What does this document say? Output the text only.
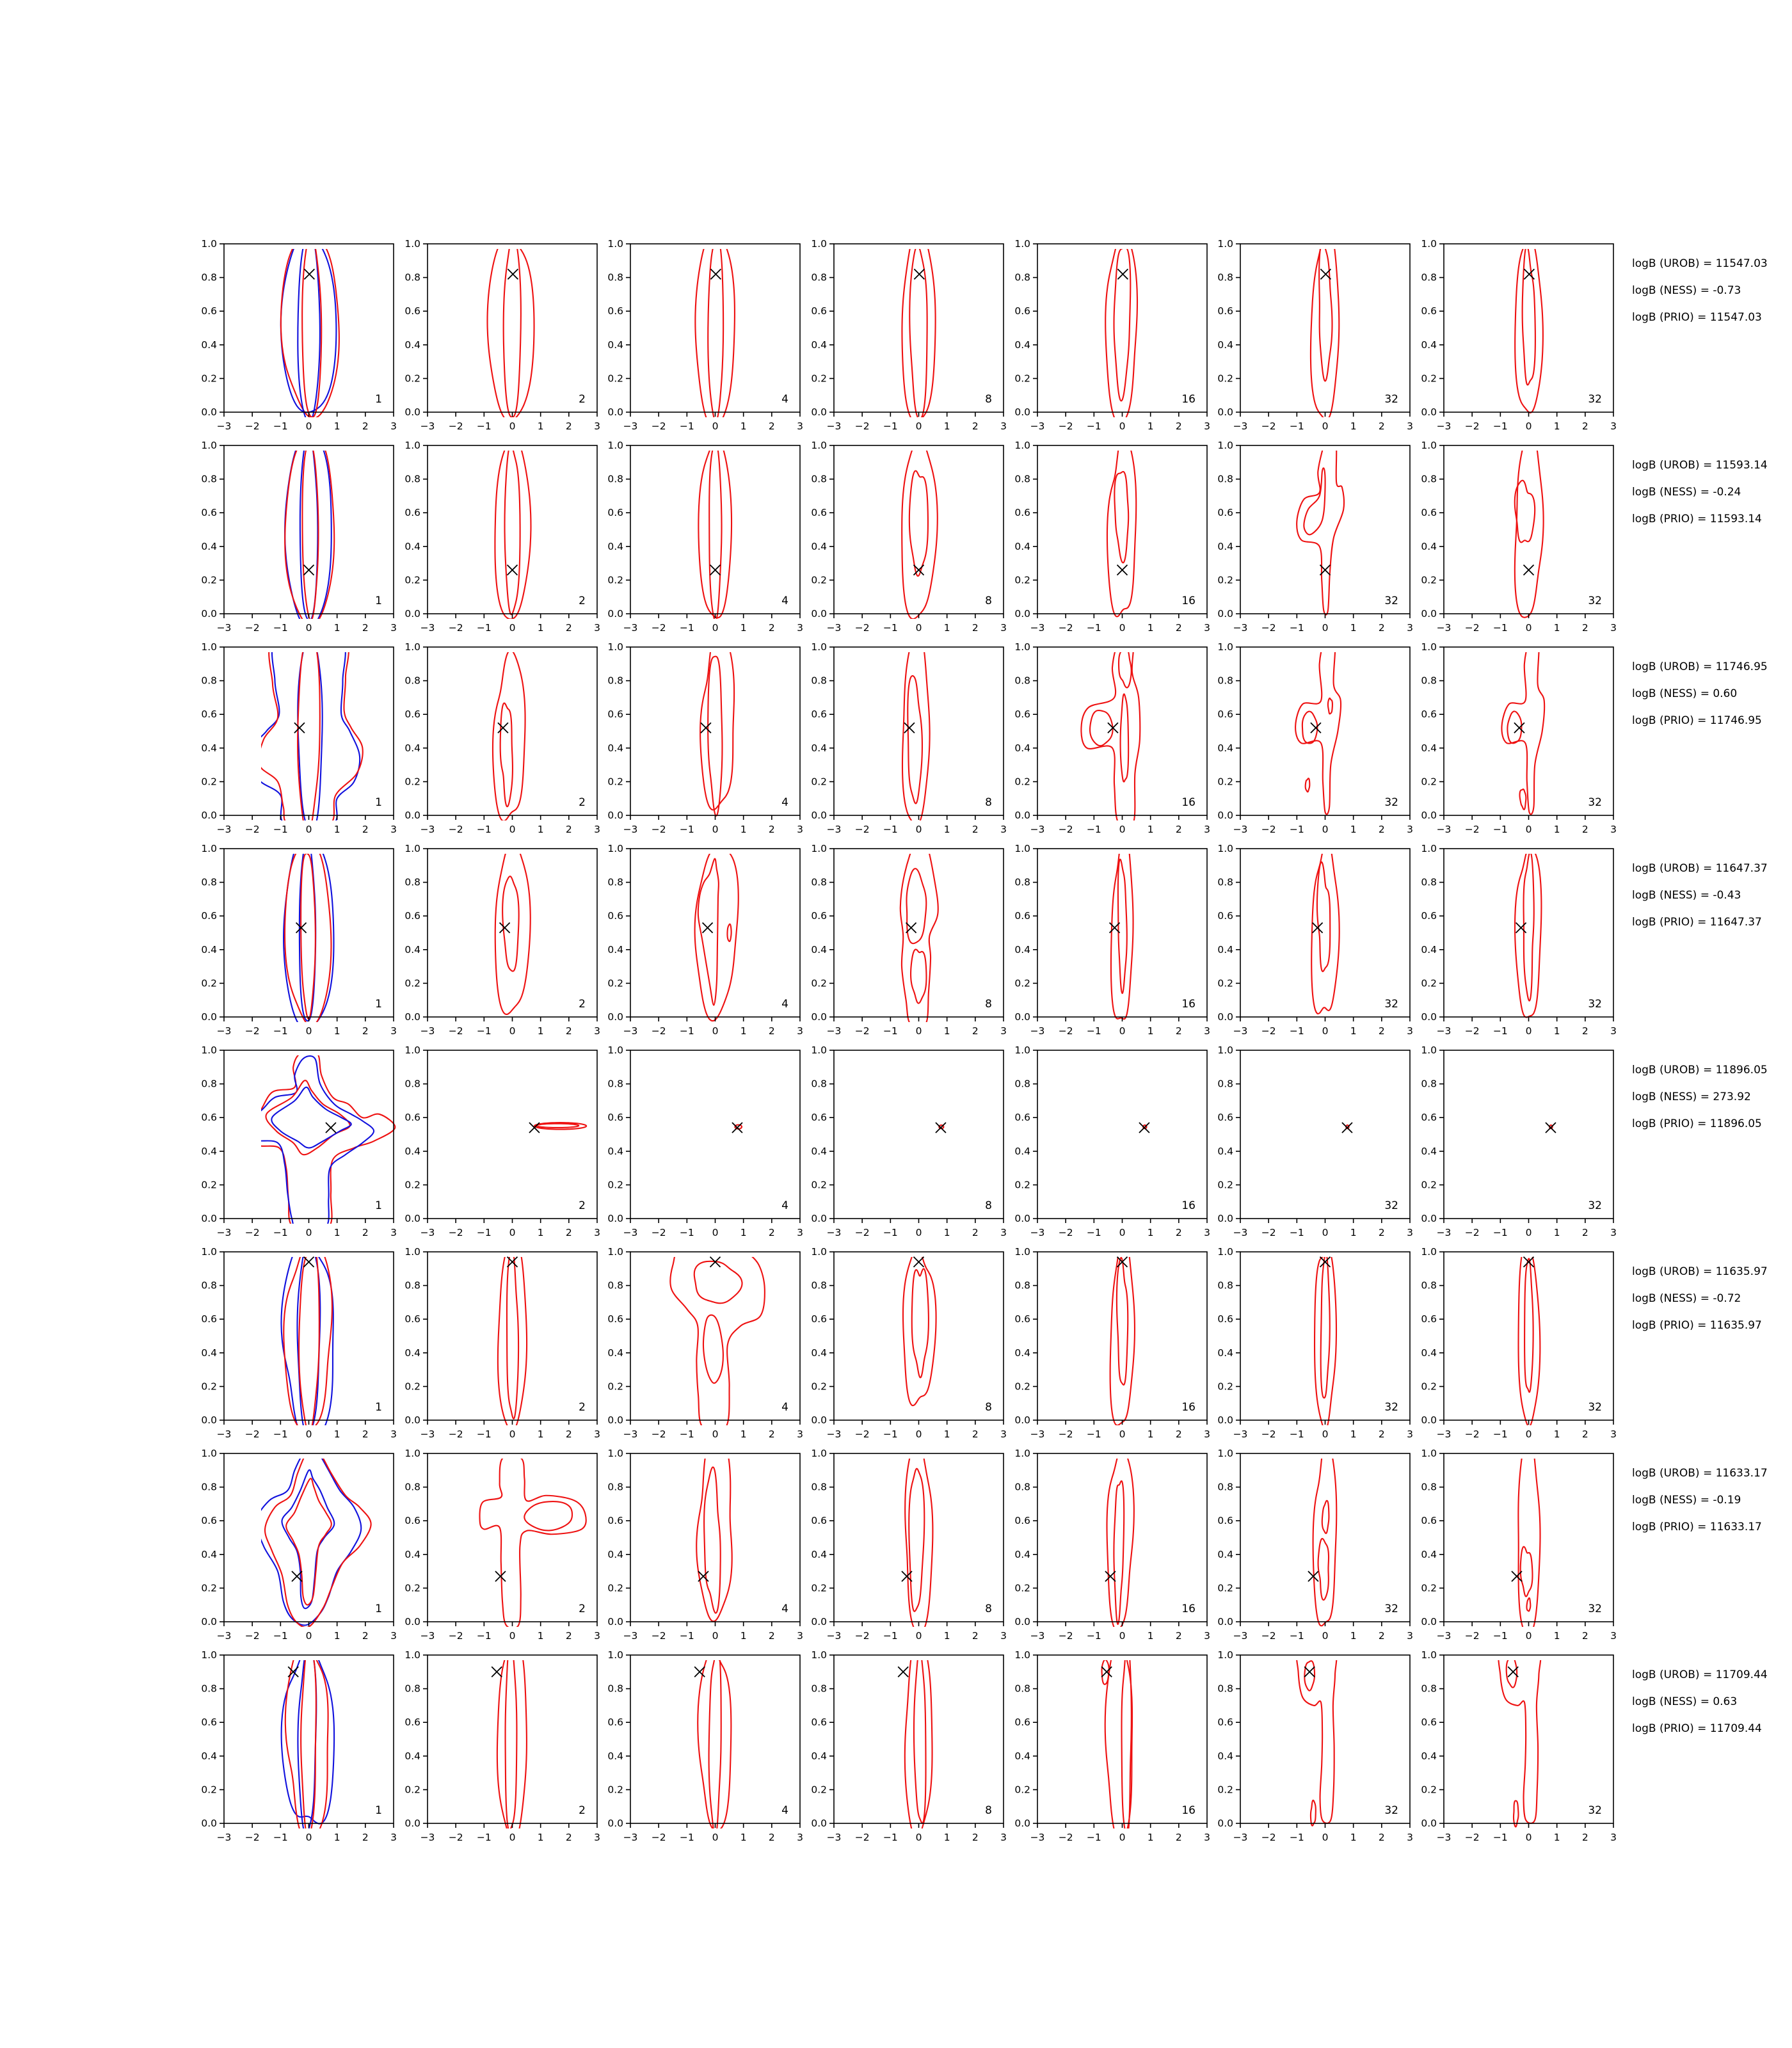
logB (UROB) = 11547.03
logB (NESS) = -0.73
logB (PRIO) = 11547.03
logB (UROB) = 11593.14
logB (NESS) = -0.24
logB (PRIO) = 11593.14
logB (UROB) = 11746.95
logB (NESS) = 0.60
logB (PRIO) = 11746.95
logB (UROB) = 11647.37
logB (NESS) = -0.43
logB (PRIO) = 11647.37
logB (UROB) = 11896.05
logB (NESS) = 273.92
logB (PRIO) = 11896.05
logB (UROB) = 11635.97
logB (NESS) = -0.72
logB (PRIO) = 11635.97
logB (UROB) = 11633.17
logB (NESS) = -0.19
logB (PRIO) = 11633.17
logB (UROB) = 11709.44
logB (NESS) = 0.63
logB (PRIO) = 11709.44
−3 −2 −1 0 1 2 3
0.0
0.2
0.4
0.6
0.8
1.0
1
−3 −2 −1 0 1 2 3
0.0
0.2
0.4
0.6
0.8
1.0
2
−3 −2 −1 0 1 2 3
0.0
0.2
0.4
0.6
0.8
1.0
4
−3 −2 −1 0 1 2 3
0.0
0.2
0.4
0.6
0.8
1.0
8
−3 −2 −1 0 1 2 3
0.0
0.2
0.4
0.6
0.8
1.0
16
−3 −2 −1 0 1 2 3
0.0
0.2
0.4
0.6
0.8
1.0
32
−3 −2 −1 0 1 2 3
0.0
0.2
0.4
0.6
0.8
1.0
32
−3 −2 −1 0 1 2 3
0.0
0.2
0.4
0.6
0.8
1.0
1
−3 −2 −1 0 1 2 3
0.0
0.2
0.4
0.6
0.8
1.0
2
−3 −2 −1 0 1 2 3
0.0
0.2
0.4
0.6
0.8
1.0
4
−3 −2 −1 0 1 2 3
0.0
0.2
0.4
0.6
0.8
1.0
8
−3 −2 −1 0 1 2 3
0.0
0.2
0.4
0.6
0.8
1.0
16
−3 −2 −1 0 1 2 3
0.0
0.2
0.4
0.6
0.8
1.0
32
−3 −2 −1 0 1 2 3
0.0
0.2
0.4
0.6
0.8
1.0
32
−3 −2 −1 0 1 2 3
0.0
0.2
0.4
0.6
0.8
1.0
1
−3 −2 −1 0 1 2 3
0.0
0.2
0.4
0.6
0.8
1.0
2
−3 −2 −1 0 1 2 3
0.0
0.2
0.4
0.6
0.8
1.0
4
−3 −2 −1 0 1 2 3
0.0
0.2
0.4
0.6
0.8
1.0
8
−3 −2 −1 0 1 2 3
0.0
0.2
0.4
0.6
0.8
1.0
16
−3 −2 −1 0 1 2 3
0.0
0.2
0.4
0.6
0.8
1.0
32
−3 −2 −1 0 1 2 3
0.0
0.2
0.4
0.6
0.8
1.0
32
−3 −2 −1 0 1 2 3
0.0
0.2
0.4
0.6
0.8
1.0
1
−3 −2 −1 0 1 2 3
0.0
0.2
0.4
0.6
0.8
1.0
2
−3 −2 −1 0 1 2 3
0.0
0.2
0.4
0.6
0.8
1.0
4
−3 −2 −1 0 1 2 3
0.0
0.2
0.4
0.6
0.8
1.0
8
−3 −2 −1 0 1 2 3
0.0
0.2
0.4
0.6
0.8
1.0
16
−3 −2 −1 0 1 2 3
0.0
0.2
0.4
0.6
0.8
1.0
32
−3 −2 −1 0 1 2 3
0.0
0.2
0.4
0.6
0.8
1.0
32
−3 −2 −1 0 1 2 3
0.0
0.2
0.4
0.6
0.8
1.0
1
−3 −2 −1 0 1 2 3
0.0
0.2
0.4
0.6
0.8
1.0
2
−3 −2 −1 0 1 2 3
0.0
0.2
0.4
0.6
0.8
1.0
4
−3 −2 −1 0 1 2 3
0.0
0.2
0.4
0.6
0.8
1.0
8
−3 −2 −1 0 1 2 3
0.0
0.2
0.4
0.6
0.8
1.0
16
−3 −2 −1 0 1 2 3
0.0
0.2
0.4
0.6
0.8
1.0
32
−3 −2 −1 0 1 2 3
0.0
0.2
0.4
0.6
0.8
1.0
32
−3 −2 −1 0 1 2 3
0.0
0.2
0.4
0.6
0.8
1.0
1
−3 −2 −1 0 1 2 3
0.0
0.2
0.4
0.6
0.8
1.0
2
−3 −2 −1 0 1 2 3
0.0
0.2
0.4
0.6
0.8
1.0
4
−3 −2 −1 0 1 2 3
0.0
0.2
0.4
0.6
0.8
1.0
8
−3 −2 −1 0 1 2 3
0.0
0.2
0.4
0.6
0.8
1.0
16
−3 −2 −1 0 1 2 3
0.0
0.2
0.4
0.6
0.8
1.0
32
−3 −2 −1 0 1 2 3
0.0
0.2
0.4
0.6
0.8
1.0
32
−3 −2 −1 0 1 2 3
0.0
0.2
0.4
0.6
0.8
1.0
1
−3 −2 −1 0 1 2 3
0.0
0.2
0.4
0.6
0.8
1.0
2
−3 −2 −1 0 1 2 3
0.0
0.2
0.4
0.6
0.8
1.0
4
−3 −2 −1 0 1 2 3
0.0
0.2
0.4
0.6
0.8
1.0
8
−3 −2 −1 0 1 2 3
0.0
0.2
0.4
0.6
0.8
1.0
16
−3 −2 −1 0 1 2 3
0.0
0.2
0.4
0.6
0.8
1.0
32
−3 −2 −1 0 1 2 3
0.0
0.2
0.4
0.6
0.8
1.0
32
−3 −2 −1 0 1 2 3
0.0
0.2
0.4
0.6
0.8
1.0
1
−3 −2 −1 0 1 2 3
0.0
0.2
0.4
0.6
0.8
1.0
2
−3 −2 −1 0 1 2 3
0.0
0.2
0.4
0.6
0.8
1.0
4
−3 −2 −1 0 1 2 3
0.0
0.2
0.4
0.6
0.8
1.0
8
−3 −2 −1 0 1 2 3
0.0
0.2
0.4
0.6
0.8
1.0
16
−3 −2 −1 0 1 2 3
0.0
0.2
0.4
0.6
0.8
1.0
32
−3 −2 −1 0 1 2 3
0.0
0.2
0.4
0.6
0.8
1.0
32
